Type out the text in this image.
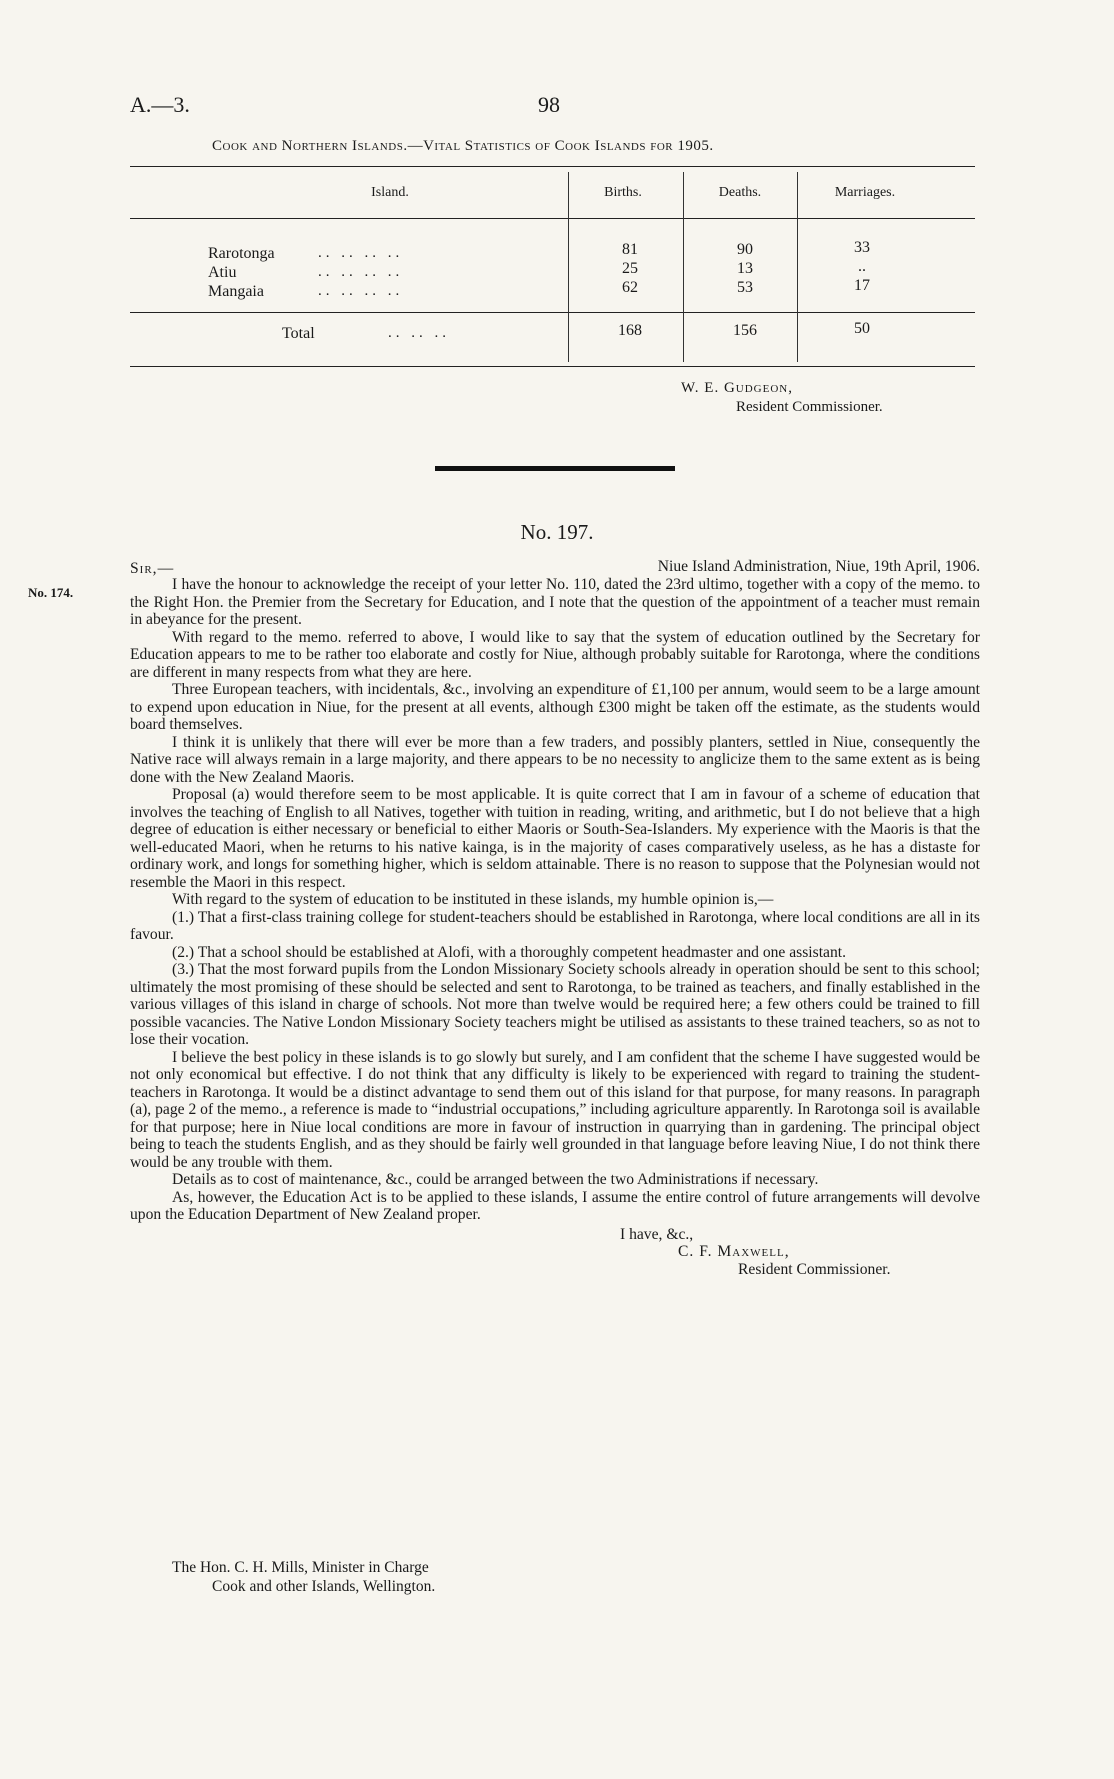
A.—3.	98
Cook and Northern Islands.—Vital Statistics of Cook Islands for 1905.
Island.	Births.	Deaths.	Marriages.
Rarotonga	.. .. .. ..	81	90	33
Atiu	.. .. .. ..	25	13	..
Mangaia	.. .. .. ..	62	53	17
Total	.. .. ..	168	156	50
W. E. Gudgeon,
Resident Commissioner.
No. 197.
No. 174.
Sir,—	Niue Island Administration, Niue, 19th April, 1906.

I have the honour to acknowledge the receipt of your letter No. 110, dated the 23rd ultimo, together with a copy of the memo. to the Right Hon. the Premier from the Secretary for Education, and I note that the question of the appointment of a teacher must remain in abeyance for the present.

With regard to the memo. referred to above, I would like to say that the system of education outlined by the Secretary for Education appears to me to be rather too elaborate and costly for Niue, although probably suitable for Rarotonga, where the conditions are different in many respects from what they are here.

Three European teachers, with incidentals, &c., involving an expenditure of £1,100 per annum, would seem to be a large amount to expend upon education in Niue, for the present at all events, although £300 might be taken off the estimate, as the students would board themselves.

I think it is unlikely that there will ever be more than a few traders, and possibly planters, settled in Niue, consequently the Native race will always remain in a large majority, and there appears to be no necessity to anglicize them to the same extent as is being done with the New Zealand Maoris.

Proposal (a) would therefore seem to be most applicable. It is quite correct that I am in favour of a scheme of education that involves the teaching of English to all Natives, together with tuition in reading, writing, and arithmetic, but I do not believe that a high degree of education is either necessary or beneficial to either Maoris or South-Sea-Islanders. My experience with the Maoris is that the well-educated Maori, when he returns to his native kainga, is in the majority of cases comparatively useless, as he has a distaste for ordinary work, and longs for something higher, which is seldom attainable. There is no reason to suppose that the Polynesian would not resemble the Maori in this respect.

With regard to the system of education to be instituted in these islands, my humble opinion is,—

(1.) That a first-class training college for student-teachers should be established in Rarotonga, where local conditions are all in its favour.

(2.) That a school should be established at Alofi, with a thoroughly competent headmaster and one assistant.

(3.) That the most forward pupils from the London Missionary Society schools already in operation should be sent to this school; ultimately the most promising of these should be selected and sent to Rarotonga, to be trained as teachers, and finally established in the various villages of this island in charge of schools. Not more than twelve would be required here; a few others could be trained to fill possible vacancies. The Native London Missionary Society teachers might be utilised as assistants to these trained teachers, so as not to lose their vocation.

I believe the best policy in these islands is to go slowly but surely, and I am confident that the scheme I have suggested would be not only economical but effective. I do not think that any difficulty is likely to be experienced with regard to training the student-teachers in Rarotonga. It would be a distinct advantage to send them out of this island for that purpose, for many reasons. In paragraph (a), page 2 of the memo., a reference is made to “industrial occupations,” including agriculture apparently. In Rarotonga soil is available for that purpose; here in Niue local conditions are more in favour of instruction in quarrying than in gardening. The principal object being to teach the students English, and as they should be fairly well grounded in that language before leaving Niue, I do not think there would be any trouble with them.

Details as to cost of maintenance, &c., could be arranged between the two Administrations if necessary.

As, however, the Education Act is to be applied to these islands, I assume the entire control of future arrangements will devolve upon the Education Department of New Zealand proper.

I have, &c.,
C. F. Maxwell,
Resident Commissioner.
The Hon. C. H. Mills, Minister in Charge
Cook and other Islands, Wellington.
